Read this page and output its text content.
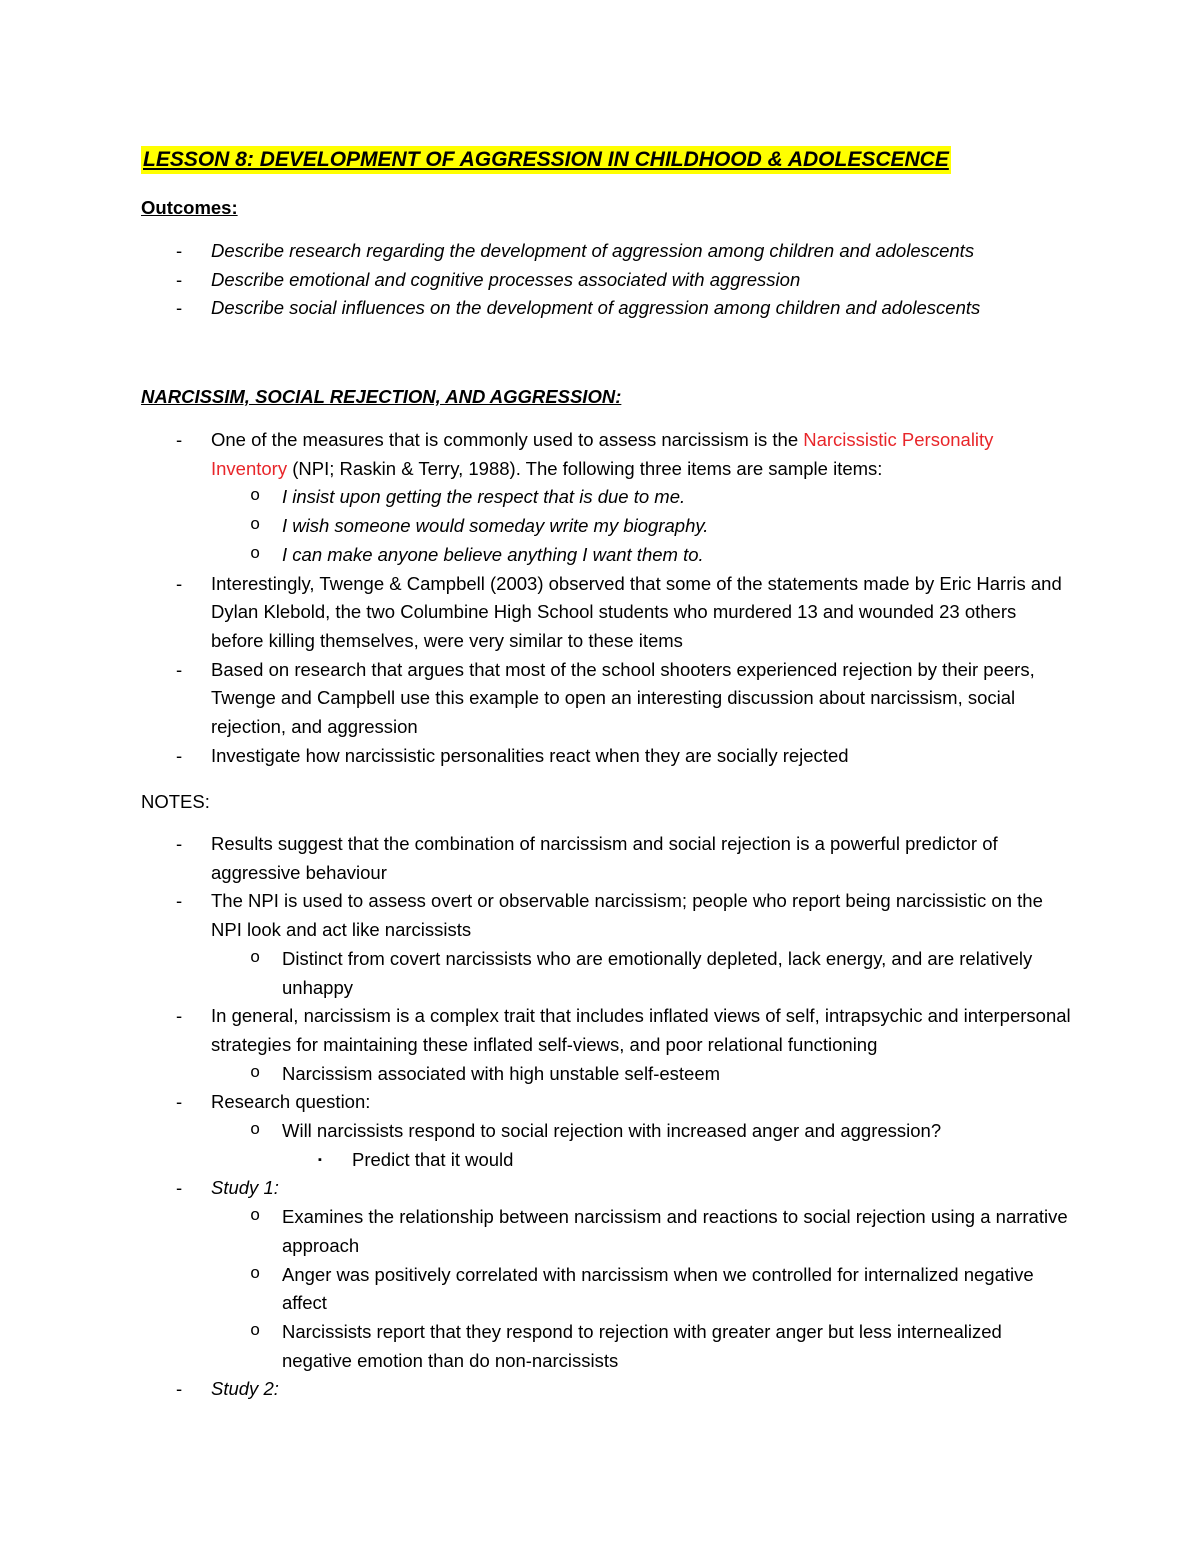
LESSON 8: DEVELOPMENT OF AGGRESSION IN CHILDHOOD & ADOLESCENCE
Outcomes:
- Describe research regarding the development of aggression among children and adolescents
- Describe emotional and cognitive processes associated with aggression
- Describe social influences on the development of aggression among children and adolescents
NARCISSIM, SOCIAL REJECTION, AND AGGRESSION:
- One of the measures that is commonly used to assess narcissism is the Narcissistic Personality Inventory (NPI; Raskin & Terry, 1988). The following three items are sample items:
o I insist upon getting the respect that is due to me.
o I wish someone would someday write my biography.
o I can make anyone believe anything I want them to.
- Interestingly, Twenge & Campbell (2003) observed that some of the statements made by Eric Harris and Dylan Klebold, the two Columbine High School students who murdered 13 and wounded 23 others before killing themselves, were very similar to these items
- Based on research that argues that most of the school shooters experienced rejection by their peers, Twenge and Campbell use this example to open an interesting discussion about narcissism, social rejection, and aggression
- Investigate how narcissistic personalities react when they are socially rejected
NOTES:
- Results suggest that the combination of narcissism and social rejection is a powerful predictor of aggressive behaviour
- The NPI is used to assess overt or observable narcissism; people who report being narcissistic on the NPI look and act like narcissists
o Distinct from covert narcissists who are emotionally depleted, lack energy, and are relatively unhappy
- In general, narcissism is a complex trait that includes inflated views of self, intrapsychic and interpersonal strategies for maintaining these inflated self-views, and poor relational functioning
o Narcissism associated with high unstable self-esteem
- Research question:
o Will narcissists respond to social rejection with increased anger and aggression?
▪ Predict that it would
- Study 1:
o Examines the relationship between narcissism and reactions to social rejection using a narrative approach
o Anger was positively correlated with narcissism when we controlled for internalized negative affect
o Narcissists report that they respond to rejection with greater anger but less internealized negative emotion than do non-narcissists
- Study 2:
